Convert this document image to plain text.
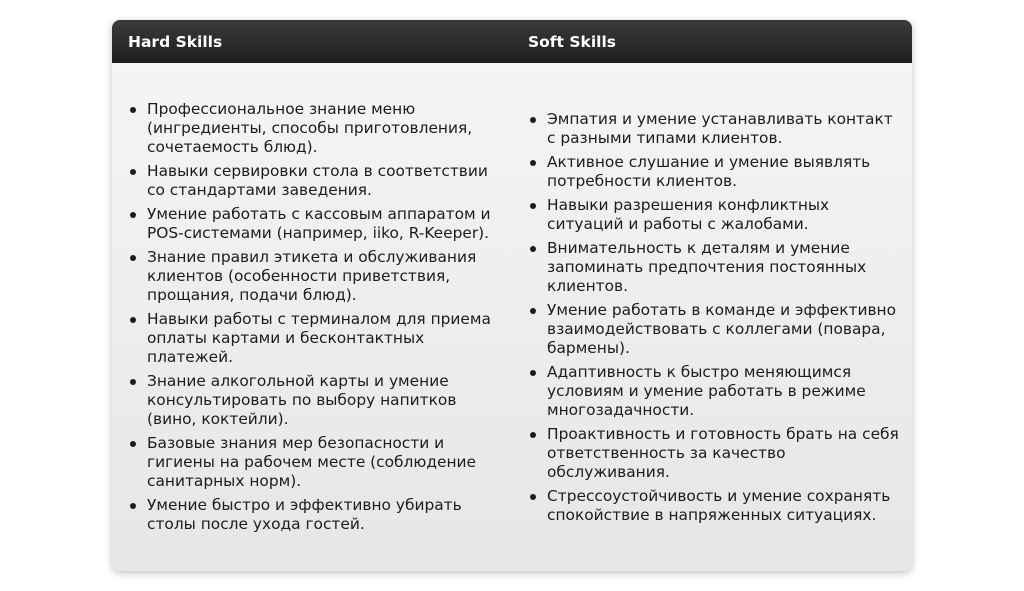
Hard Skills	Soft Skills
Профессиональное знание меню (ингредиенты, способы приготовления, сочетаемость блюд).
Навыки сервировки стола в соответствии со стандартами заведения.
Умение работать с кассовым аппаратом и POS-системами (например, iiko, R-Keeper).
Знание правил этикета и обслуживания клиентов (особенности приветствия, прощания, подачи блюд).
Навыки работы с терминалом для приема оплаты картами и бесконтактных платежей.
Знание алкогольной карты и умение консультировать по выбору напитков (вино, коктейли).
Базовые знания мер безопасности и гигиены на рабочем месте (соблюдение санитарных норм).
Умение быстро и эффективно убирать столы после ухода гостей.
Эмпатия и умение устанавливать контакт с разными типами клиентов.
Активное слушание и умение выявлять потребности клиентов.
Навыки разрешения конфликтных ситуаций и работы с жалобами.
Внимательность к деталям и умение запоминать предпочтения постоянных клиентов.
Умение работать в команде и эффективно взаимодействовать с коллегами (повара, бармены).
Адаптивность к быстро меняющимся условиям и умение работать в режиме многозадачности.
Проактивность и готовность брать на себя ответственность за качество обслуживания.
Стрессоустойчивость и умение сохранять спокойствие в напряженных ситуациях.
